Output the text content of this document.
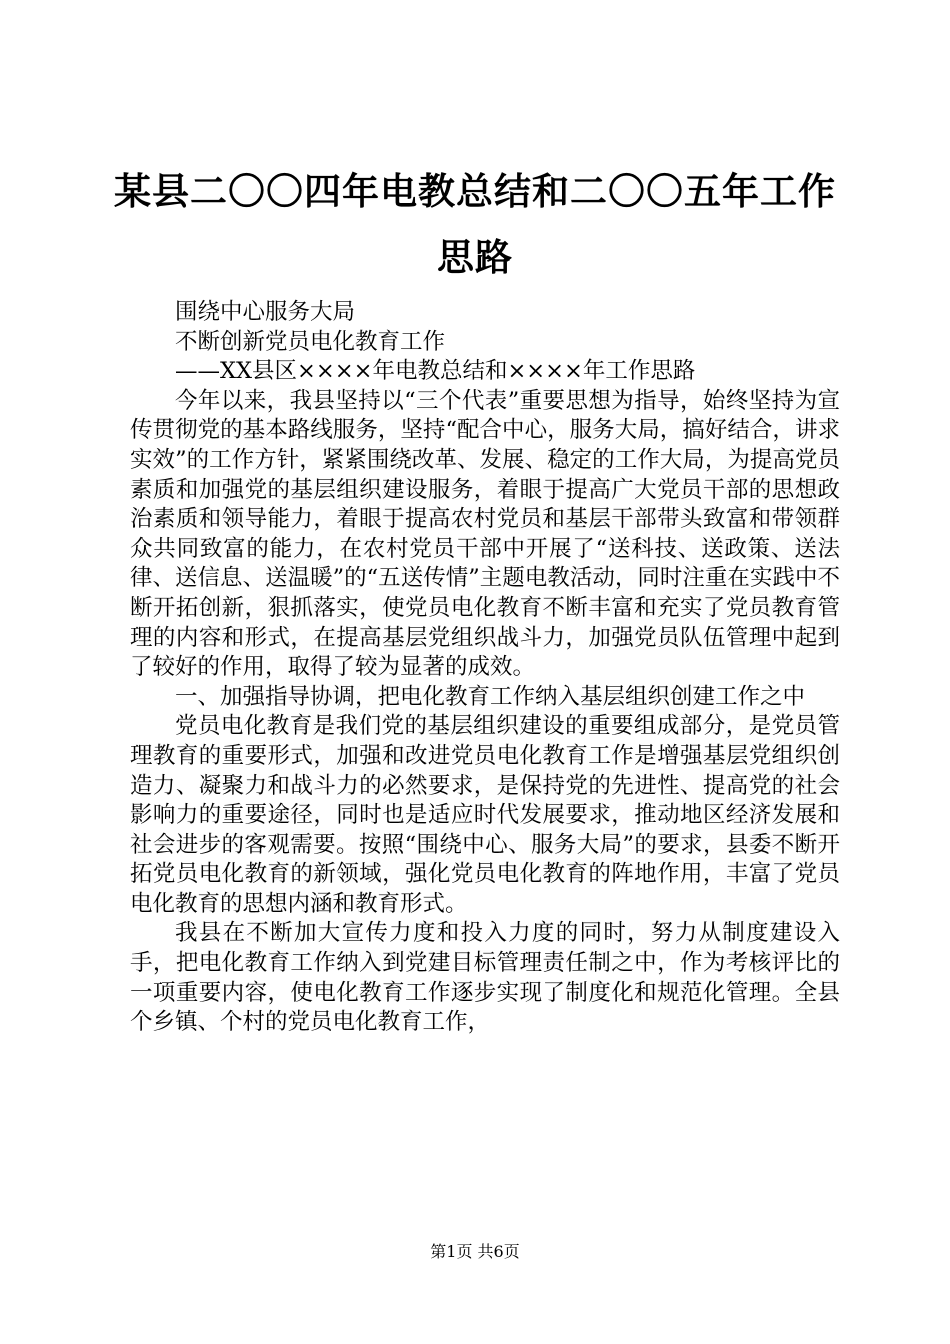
某县二〇〇四年电教总结和二〇〇五年工作思路

围绕中心服务大局

不断创新党员电化教育工作

——XX县区××××年电教总结和××××年工作思路

今年以来，我县坚持以“三个代表”重要思想为指导，始终坚持为宣传贯彻党的基本路线服务，坚持“配合中心，服务大局，搞好结合，讲求实效”的工作方针，紧紧围绕改革、发展、稳定的工作大局，为提高党员素质和加强党的基层组织建设服务，着眼于提高广大党员干部的思想政治素质和领导能力，着眼于提高农村党员和基层干部带头致富和带领群众共同致富的能力，在农村党员干部中开展了“送科技、送政策、送法律、送信息、送温暖”的“五送传情”主题电教活动，同时注重在实践中不断开拓创新，狠抓落实，使党员电化教育不断丰富和充实了党员教育管理的内容和形式，在提高基层党组织战斗力，加强党员队伍管理中起到了较好的作用，取得了较为显著的成效。

一、加强指导协调，把电化教育工作纳入基层组织创建工作之中

党员电化教育是我们党的基层组织建设的重要组成部分，是党员管理教育的重要形式，加强和改进党员电化教育工作是增强基层党组织创造力、凝聚力和战斗力的必然要求，是保持党的先进性、提高党的社会影响力的重要途径，同时也是适应时代发展要求，推动地区经济发展和社会进步的客观需要。按照“围绕中心、服务大局”的要求，县委不断开拓党员电化教育的新领域，强化党员电化教育的阵地作用，丰富了党员电化教育的思想内涵和教育形式。

我县在不断加大宣传力度和投入力度的同时，努力从制度建设入手，把电化教育工作纳入到党建目标管理责任制之中，作为考核评比的一项重要内容，使电化教育工作逐步实现了制度化和规范化管理。全县个乡镇、个村的党员电化教育工作，

第1页 共6页
